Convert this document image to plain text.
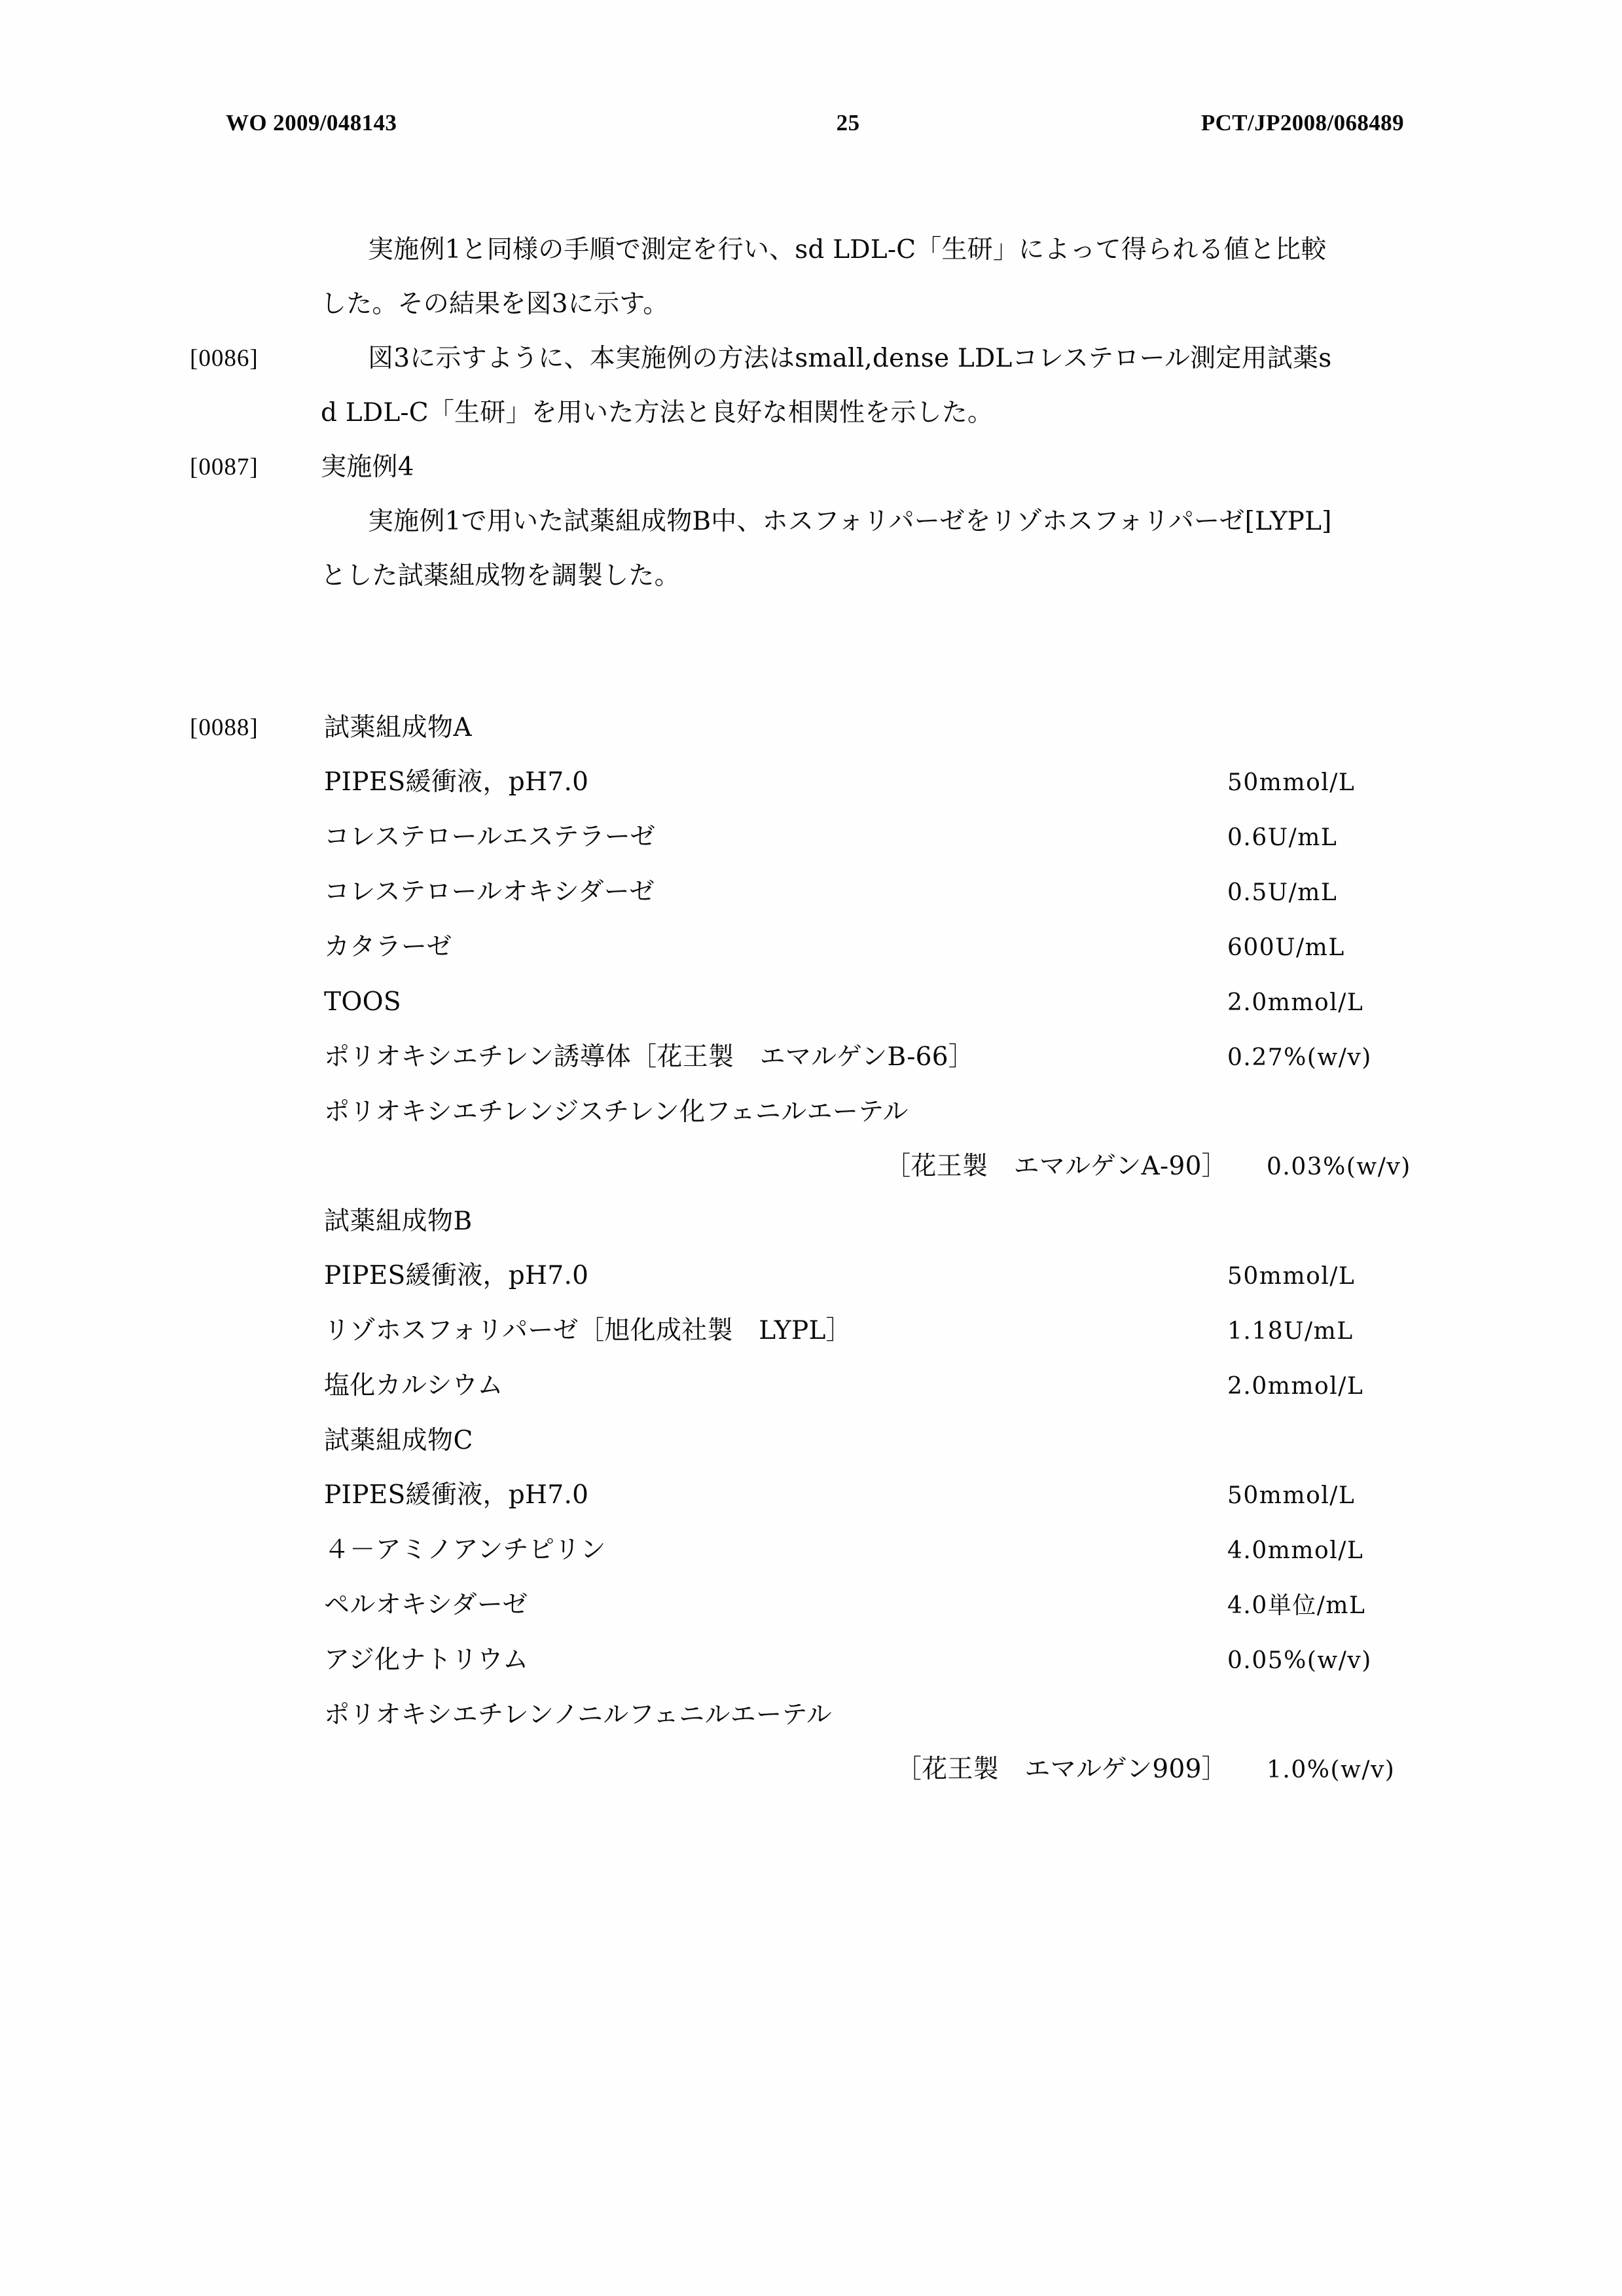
WO 2009/048143	25	PCT/JP2008/068489
実施例1と同様の手順で測定を行い、sd LDL-C「生研」によって得られる値と比較
した。その結果を図3に示す。
[0086]	図3に示すように、本実施例の方法はsmall,dense LDLコレステロール測定用試薬s
d LDL-C「生研」を用いた方法と良好な相関性を示した。
[0087]	実施例4
実施例1で用いた試薬組成物B中、ホスフォリパーゼをリゾホスフォリパーゼ[LYPL]
とした試薬組成物を調製した。
[0088]	試薬組成物A
PIPES緩衝液，pH7.0	50mmol/L
コレステロールエステラーゼ	0.6U/mL
コレステロールオキシダーゼ	0.5U/mL
カタラーゼ	600U/mL
TOOS	2.0mmol/L
ポリオキシエチレン誘導体［花王製　エマルゲンB-66］	0.27%(w/v)
ポリオキシエチレンジスチレン化フェニルエーテル
［花王製　エマルゲンA-90］	0.03%(w/v)
試薬組成物B
PIPES緩衝液，pH7.0	50mmol/L
リゾホスフォリパーゼ［旭化成社製　LYPL］	1.18U/mL
塩化カルシウム	2.0mmol/L
試薬組成物C
PIPES緩衝液，pH7.0	50mmol/L
４－アミノアンチピリン	4.0mmol/L
ペルオキシダーゼ	4.0単位/mL
アジ化ナトリウム	0.05%(w/v)
ポリオキシエチレンノニルフェニルエーテル
［花王製　エマルゲン909］	1.0%(w/v)
